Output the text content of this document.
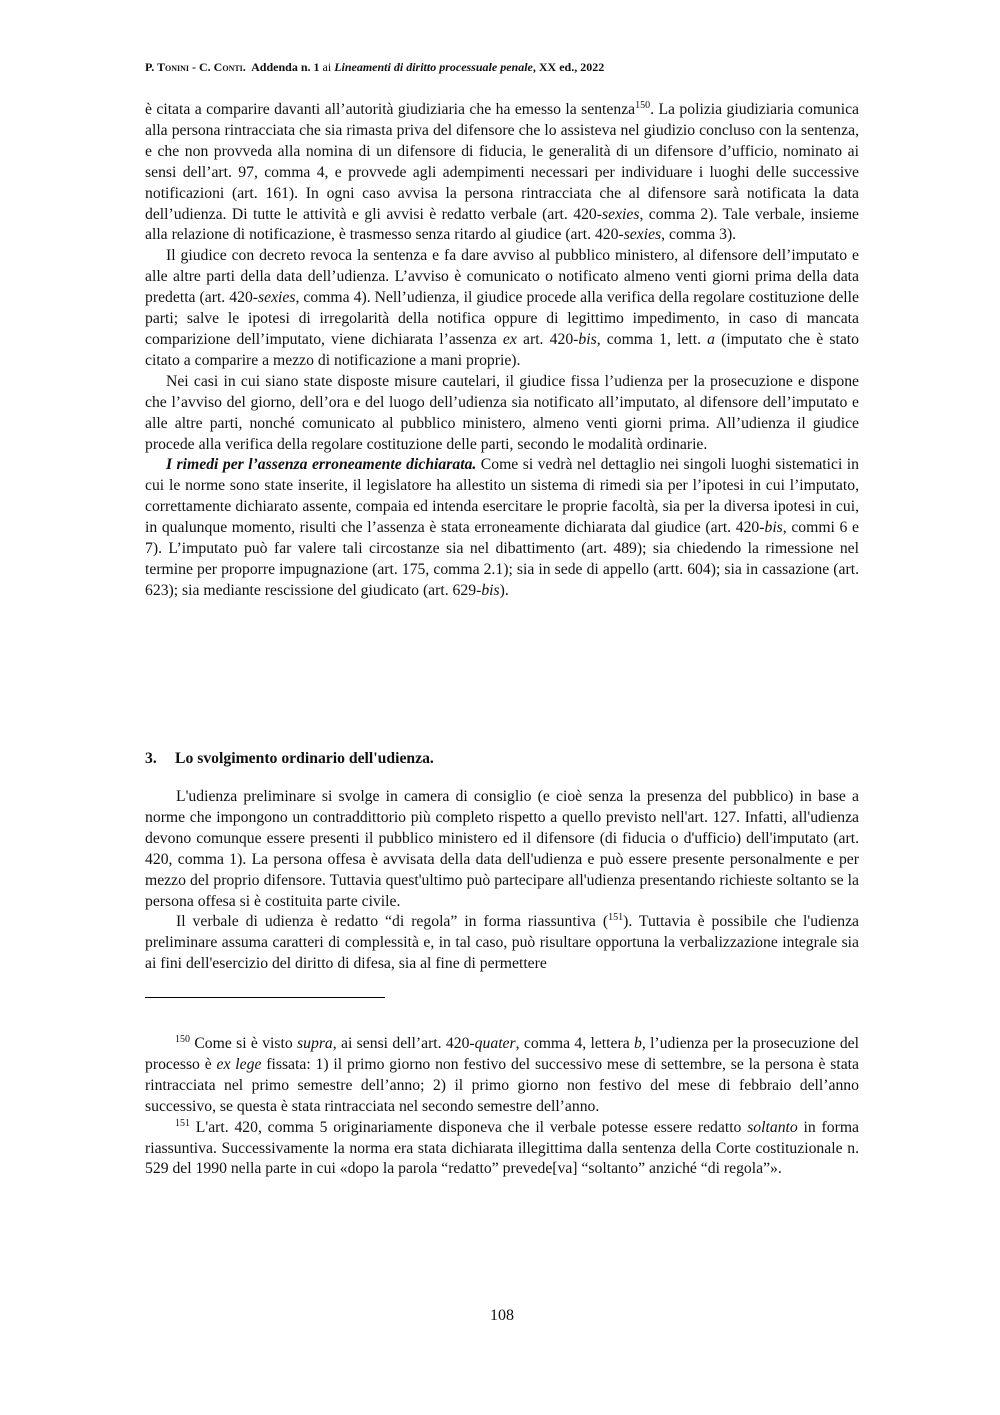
P. Tonini - C. Conti. Addenda n. 1 ai Lineamenti di diritto processuale penale, XX ed., 2022

è citata a comparire davanti all’autorità giudiziaria che ha emesso la sentenza$^{150}$. La polizia giudiziaria comunica alla persona rintracciata che sia rimasta priva del difensore che lo assisteva nel giudizio concluso con la sentenza, e che non provveda alla nomina di un difensore di fiducia, le generalità di un difensore d’ufficio, nominato ai sensi dell’art. 97, comma 4, e provvede agli adempimenti necessari per individuare i luoghi delle successive notificazioni (art. 161). In ogni caso avvisa la persona rintracciata che al difensore sarà notificata la data dell’udienza. Di tutte le attività e gli avvisi è redatto verbale (art. 420-sexies, comma 2). Tale verbale, insieme alla relazione di notificazione, è trasmesso senza ritardo al giudice (art. 420-sexies, comma 3).

Il giudice con decreto revoca la sentenza e fa dare avviso al pubblico ministero, al difensore dell’imputato e alle altre parti della data dell’udienza. L’avviso è comunicato o notificato almeno venti giorni prima della data predetta (art. 420-sexies, comma 4). Nell’udienza, il giudice procede alla verifica della regolare costituzione delle parti; salve le ipotesi di irregolarità della notifica oppure di legittimo impedimento, in caso di mancata comparizione dell’imputato, viene dichiarata l’assenza ex art. 420-bis, comma 1, lett. a (imputato che è stato citato a comparire a mezzo di notificazione a mani proprie).

Nei casi in cui siano state disposte misure cautelari, il giudice fissa l’udienza per la prosecuzione e dispone che l’avviso del giorno, dell’ora e del luogo dell’udienza sia notificato all’imputato, al difensore dell’imputato e alle altre parti, nonché comunicato al pubblico ministero, almeno venti giorni prima. All’udienza il giudice procede alla verifica della regolare costituzione delle parti, secondo le modalità ordinarie.

I rimedi per l’assenza erroneamente dichiarata. Come si vedrà nel dettaglio nei singoli luoghi sistematici in cui le norme sono state inserite, il legislatore ha allestito un sistema di rimedi sia per l’ipotesi in cui l’imputato, correttamente dichiarato assente, compaia ed intenda esercitare le proprie facoltà, sia per la diversa ipotesi in cui, in qualunque momento, risulti che l’assenza è stata erroneamente dichiarata dal giudice (art. 420-bis, commi 6 e 7). L’imputato può far valere tali circostanze sia nel dibattimento (art. 489); sia chiedendo la rimessione nel termine per proporre impugnazione (art. 175, comma 2.1); sia in sede di appello (artt. 604); sia in cassazione (art. 623); sia mediante rescissione del giudicato (art. 629-bis).

3. Lo svolgimento ordinario dell'udienza.

L'udienza preliminare si svolge in camera di consiglio (e cioè senza la presenza del pubblico) in base a norme che impongono un contraddittorio più completo rispetto a quello previsto nell'art. 127. Infatti, all'udienza devono comunque essere presenti il pubblico ministero ed il difensore (di fiducia o d'ufficio) dell'imputato (art. 420, comma 1). La persona offesa è avvisata della data dell'udienza e può essere presente personalmente e per mezzo del proprio difensore. Tuttavia quest'ultimo può partecipare all'udienza presentando richieste soltanto se la persona offesa si è costituita parte civile.

Il verbale di udienza è redatto “di regola” in forma riassuntiva ($^{151}$). Tuttavia è possibile che l'udienza preliminare assuma caratteri di complessità e, in tal caso, può risultare opportuna la verbalizzazione integrale sia ai fini dell'esercizio del diritto di difesa, sia al fine di permettere

$^{150}$ Come si è visto supra, ai sensi dell’art. 420-quater, comma 4, lettera b, l’udienza per la prosecuzione del processo è ex lege fissata: 1) il primo giorno non festivo del successivo mese di settembre, se la persona è stata rintracciata nel primo semestre dell’anno; 2) il primo giorno non festivo del mese di febbraio dell’anno successivo, se questa è stata rintracciata nel secondo semestre dell’anno.

$^{151}$ L'art. 420, comma 5 originariamente disponeva che il verbale potesse essere redatto soltanto in forma riassuntiva. Successivamente la norma era stata dichiarata illegittima dalla sentenza della Corte costituzionale n. 529 del 1990 nella parte in cui «dopo la parola “redatto” prevede[va] “soltanto” anziché “di regola”».

108
